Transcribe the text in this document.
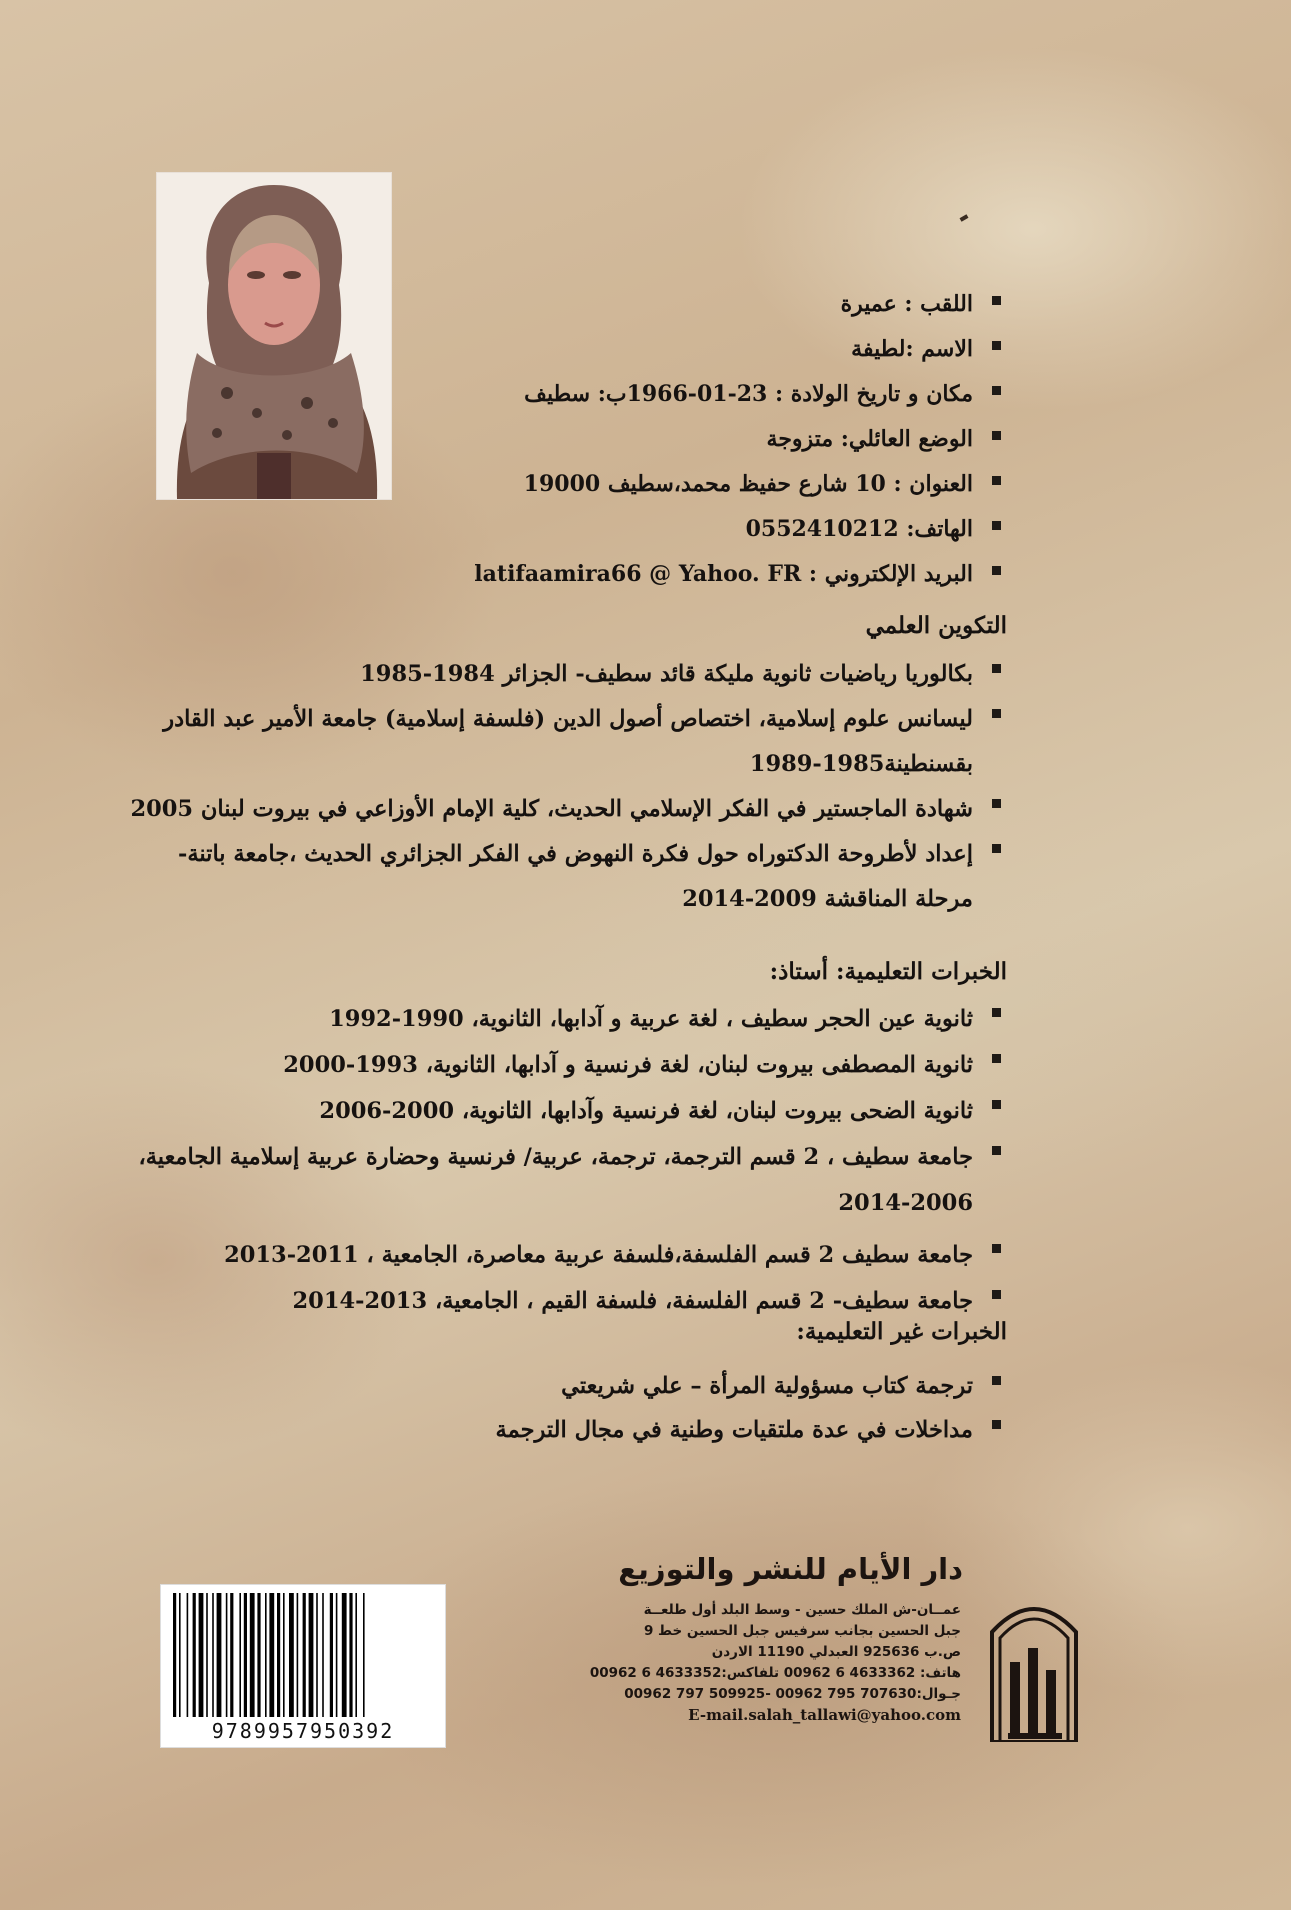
اللقب : عميرة
الاسم :لطيفة
مكان و تاريخ الولادة : 23-01-1966ب: سطيف
الوضع العائلي: متزوجة
العنوان : 10 شارع حفيظ محمد،سطيف 19000
الهاتف: 0552410212
البريد الإلكتروني : latifaamira66 @ Yahoo. FR
التكوين العلمي
بكالوريا رياضيات ثانوية مليكة قائد سطيف- الجزائر 1984-1985
ليسانس علوم إسلامية، اختصاص أصول الدين (فلسفة إسلامية) جامعة الأمير عبد القادر بقسنطينة1985-1989
شهادة الماجستير في الفكر الإسلامي الحديث، كلية الإمام الأوزاعي في بيروت لبنان 2005
إعداد لأطروحة الدكتوراه حول فكرة النهوض في الفكر الجزائري الحديث ،جامعة باتنة- مرحلة المناقشة 2009-2014
الخبرات التعليمية: أستاذ:
ثانوية عين الحجر سطيف ، لغة عربية و آدابها، الثانوية، 1990-1992
ثانوية المصطفى بيروت لبنان، لغة فرنسية و آدابها، الثانوية، 1993-2000
ثانوية الضحى بيروت لبنان، لغة فرنسية وآدابها، الثانوية، 2000-2006
جامعة سطيف ، 2 قسم الترجمة، ترجمة، عربية/ فرنسية وحضارة عربية إسلامية الجامعية، 2006-2014
جامعة سطيف 2 قسم الفلسفة،فلسفة عربية معاصرة، الجامعية ، 2011-2013
جامعة سطيف- 2 قسم الفلسفة، فلسفة القيم ، الجامعية، 2013-2014
الخبرات غير التعليمية:
ترجمة كتاب مسؤولية المرأة – علي شريعتي
مداخلات في عدة ملتقيات وطنية في مجال الترجمة
9789957950392
دار الأيام للنشر والتوزيع
عمــان-ش الملك حسين - وسط البلد أول طلعــة
جبل الحسين بجانب سرفيس جبل الحسين خط 9
ص.ب 925636 العبدلي 11190 الاردن
هاتف: 4633362 6 00962 تلفاكس:4633352 6 00962
جـوال:707630 795 00962 -509925 797 00962
E-mail.salah_tallawi@yahoo.com
